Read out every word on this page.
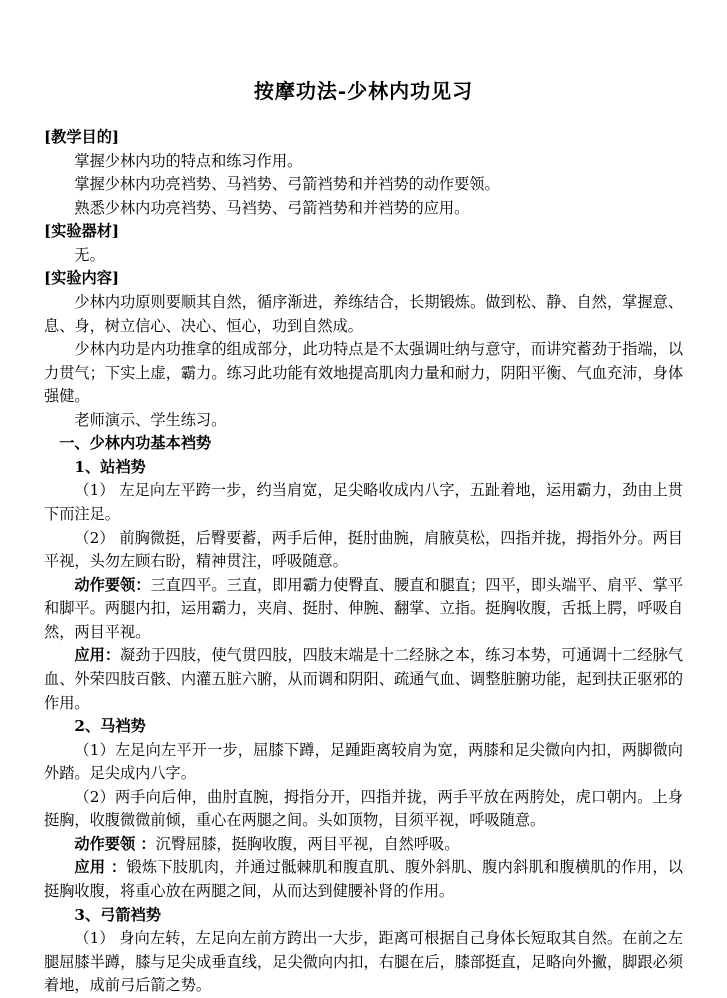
按摩功法-少林内功见习

[教学目的]

掌握少林内功的特点和练习作用。

掌握少林内功亮裆势、马裆势、弓箭裆势和并裆势的动作要领。

熟悉少林内功亮裆势、马裆势、弓箭裆势和并裆势的应用。

[实验器材]

无。

[实验内容]

少林内功原则要顺其自然，循序渐进，养练结合，长期锻炼。做到松、静、自然，掌握意、息、身，树立信心、决心、恒心，功到自然成。

少林内功是内功推拿的组成部分，此功特点是不太强调吐纳与意守，而讲究蓄劲于指端，以力贯气；下实上虚，霸力。练习此功能有效地提高肌肉力量和耐力，阴阳平衡、气血充沛，身体强健。

老师演示、学生练习。

一、少林内功基本裆势

1、站裆势

（1） 左足向左平跨一步，约当肩宽，足尖略收成内八字，五趾着地，运用霸力，劲由上贯下而注足。

（2） 前胸微挺，后臀要蓄，两手后伸，挺肘曲腕，肩腋莫松，四指并拢，拇指外分。两目平视，头勿左顾右盼，精神贯注，呼吸随意。

动作要领：三直四平。三直，即用霸力使臀直、腰直和腿直；四平，即头端平、肩平、掌平和脚平。两腿内扣，运用霸力，夹肩、挺肘、伸腕、翻掌、立指。挺胸收腹，舌抵上腭，呼吸自然，两目平视。

应用：凝劲于四肢，使气贯四肢，四肢末端是十二经脉之本，练习本势，可通调十二经脉气血、外荣四肢百骸、内灌五脏六腑，从而调和阴阳、疏通气血、调整脏腑功能，起到扶正驱邪的作用。

2、马裆势

（1）左足向左平开一步，屈膝下蹲，足踵距离较肩为宽，两膝和足尖微向内扣，两脚微向外踏。足尖成内八字。

（2）两手向后伸，曲肘直腕，拇指分开，四指并拢，两手平放在两胯处，虎口朝内。上身挺胸，收腹微微前倾，重心在两腿之间。头如顶物，目须平视，呼吸随意。

动作要领 ：沉臀屈膝，挺胸收腹，两目平视，自然呼吸。

应用 ：锻炼下肢肌肉，并通过骶棘肌和腹直肌、腹外斜肌、腹内斜肌和腹横肌的作用，以挺胸收腹，将重心放在两腿之间，从而达到健腰补肾的作用。

3、弓箭裆势

（1） 身向左转，左足向左前方跨出一大步，距离可根据自己身体长短取其自然。在前之左腿屈膝半蹲，膝与足尖成垂直线，足尖微向内扣，右腿在后，膝部挺直，足略向外撇，脚跟必须着地，成前弓后箭之势。
